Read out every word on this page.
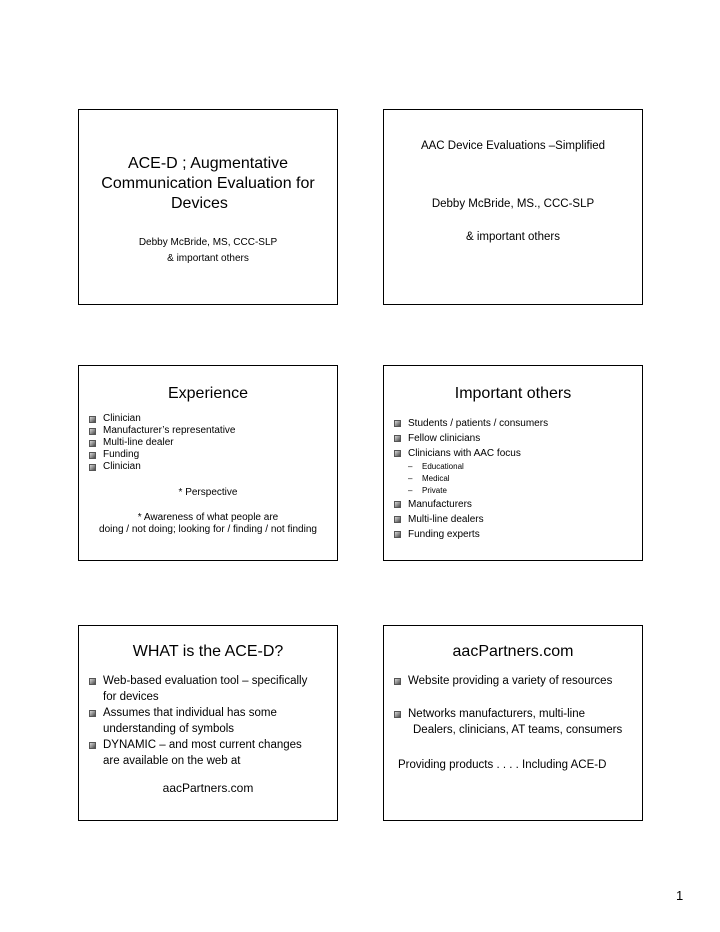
ACE-D ; Augmentative
Communication Evaluation for
Devices
Debby McBride, MS, CCC-SLP
& important others
AAC Device Evaluations –Simplified
Debby McBride, MS., CCC-SLP
& important others
Experience
Clinician
Manufacturer’s representative
Multi-line dealer
Funding
Clinician
* Perspective
* Awareness of what people are
doing / not doing; looking for / finding / not finding
Important others
Students / patients / consumers
Fellow clinicians
Clinicians with AAC focus
– Educational
– Medical
– Private
Manufacturers
Multi-line dealers
Funding experts
WHAT is the ACE-D?
Web-based evaluation tool – specifically
for devices
Assumes that individual has some
understanding of symbols
DYNAMIC – and most current changes
are available on the web at
aacPartners.com
aacPartners.com
Website providing a variety of resources
Networks manufacturers, multi-line
Dealers, clinicians, AT teams, consumers
Providing products . . . . Including ACE-D
1
